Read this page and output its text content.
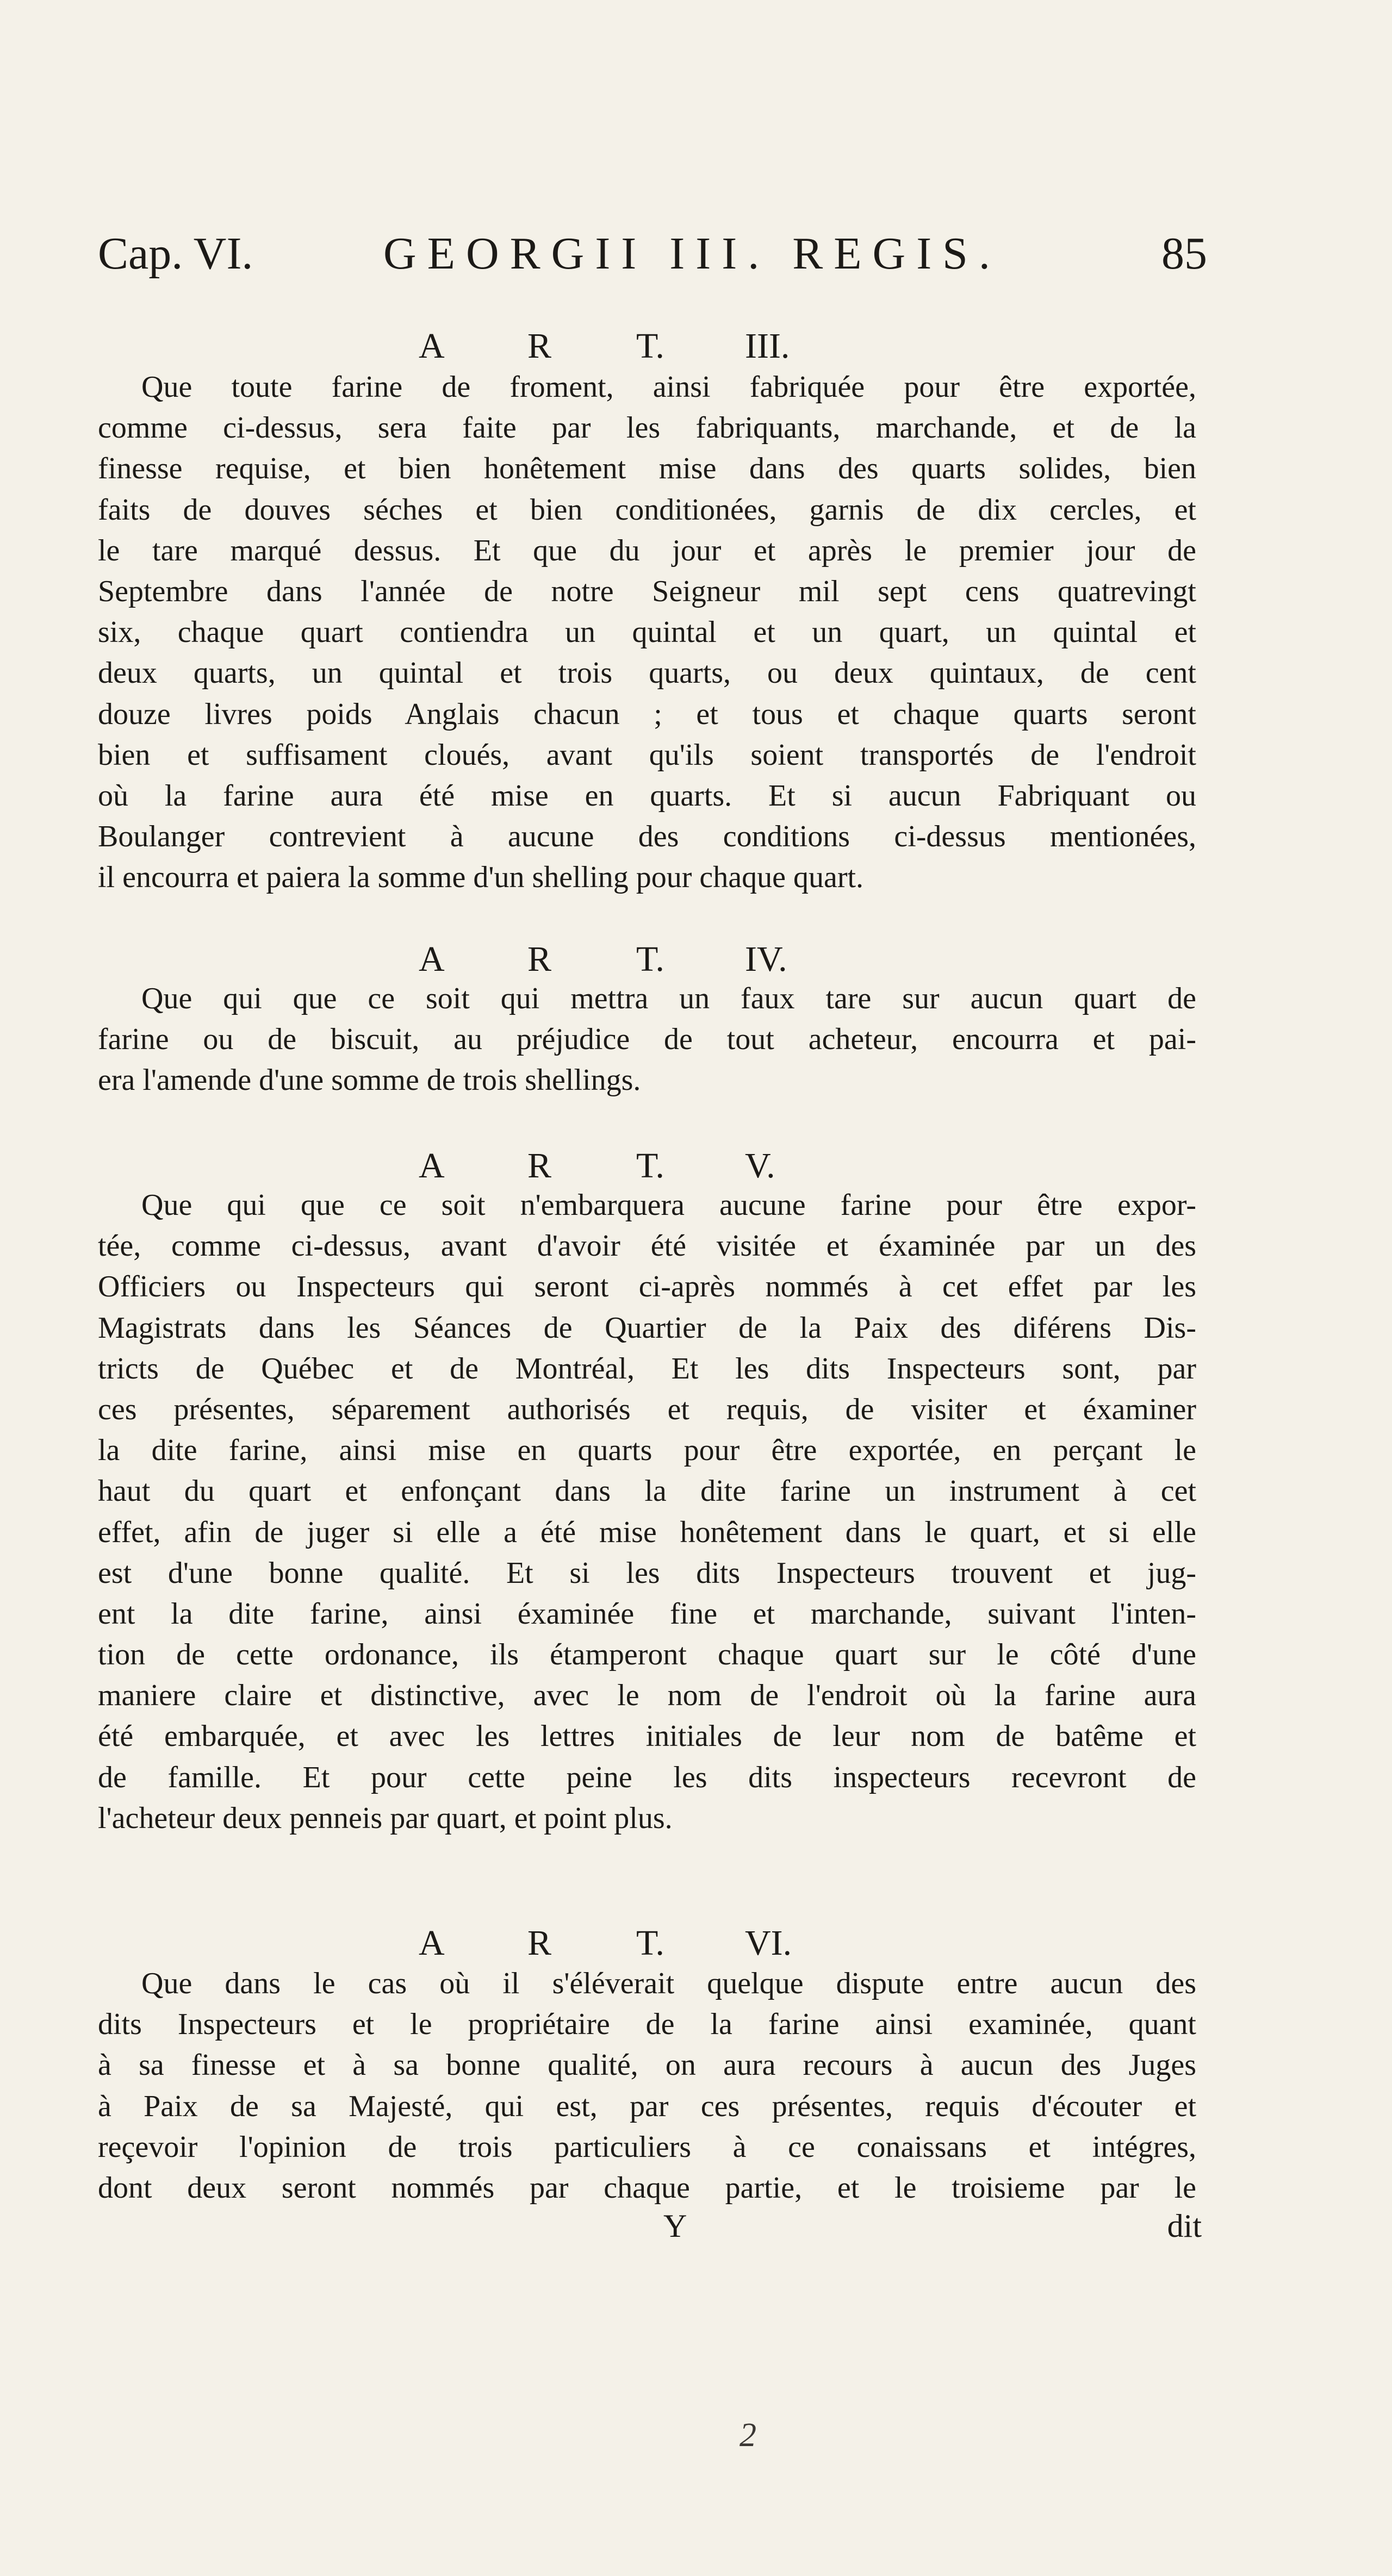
Cap. VI.	GEORGII III. REGIS.	85
A R T. III.
Que toute farine de froment, ainsi fabriquée pour être exportée,
comme ci-dessus, sera faite par les fabriquants, marchande, et de la
finesse requise, et bien honêtement mise dans des quarts solides, bien
faits de douves séches et bien conditionées, garnis de dix cercles, et
le tare marqué dessus. Et que du jour et après le premier jour de
Septembre dans l'année de notre Seigneur mil sept cens quatrevingt
six, chaque quart contiendra un quintal et un quart, un quintal et
deux quarts, un quintal et trois quarts, ou deux quintaux, de cent
douze livres poids Anglais chacun ; et tous et chaque quarts seront
bien et suffisament cloués, avant qu'ils soient transportés de l'endroit
où la farine aura été mise en quarts. Et si aucun Fabriquant ou
Boulanger contrevient à aucune des conditions ci-dessus mentionées,
il encourra et paiera la somme d'un shelling pour chaque quart.
A R T. IV.
Que qui que ce soit qui mettra un faux tare sur aucun quart de
farine ou de biscuit, au préjudice de tout acheteur, encourra et pai-
era l'amende d'une somme de trois shellings.
A R T. V.
Que qui que ce soit n'embarquera aucune farine pour être expor-
tée, comme ci-dessus, avant d'avoir été visitée et éxaminée par un des
Officiers ou Inspecteurs qui seront ci-après nommés à cet effet par les
Magistrats dans les Séances de Quartier de la Paix des diférens Dis-
tricts de Québec et de Montréal, Et les dits Inspecteurs sont, par
ces présentes, séparement authorisés et requis, de visiter et éxaminer
la dite farine, ainsi mise en quarts pour être exportée, en perçant le
haut du quart et enfonçant dans la dite farine un instrument à cet
effet, afin de juger si elle a été mise honêtement dans le quart, et si elle
est d'une bonne qualité. Et si les dits Inspecteurs trouvent et jug-
ent la dite farine, ainsi éxaminée fine et marchande, suivant l'inten-
tion de cette ordonance, ils étamperont chaque quart sur le côté d'une
maniere claire et distinctive, avec le nom de l'endroit où la farine aura
été embarquée, et avec les lettres initiales de leur nom de batême et
de famille. Et pour cette peine les dits inspecteurs recevront de
l'acheteur deux penneis par quart, et point plus.
A R T. VI.
Que dans le cas où il s'éléverait quelque dispute entre aucun des
dits Inspecteurs et le propriétaire de la farine ainsi examinée, quant
à sa finesse et à sa bonne qualité, on aura recours à aucun des Juges
à Paix de sa Majesté, qui est, par ces présentes, requis d'écouter et
reçevoir l'opinion de trois particuliers à ce conaissans et intégres,
dont deux seront nommés par chaque partie, et le troisieme par le
Y	dit
2
